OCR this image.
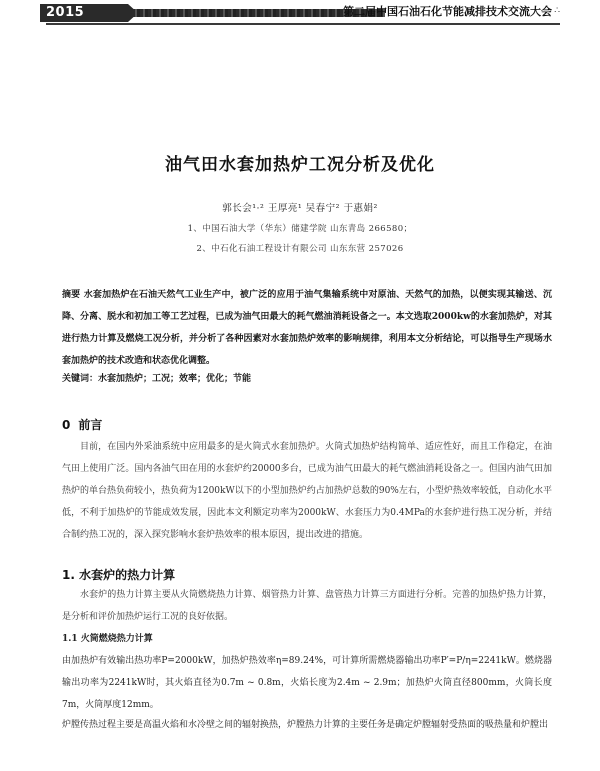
2015	第二届中国石油石化节能减排技术交流大会 ∴
油气田水套加热炉工况分析及优化
郭长会¹·² 王厚亮¹ 吴春宁² 于惠娟²
1、中国石油大学（华东）储建学院 山东青岛 266580；
2、中石化石油工程设计有限公司 山东东营 257026

摘要 水套加热炉在石油天然气工业生产中，被广泛的应用于油气集输系统中对原油、天然气的加热，以便实现其输送、沉降、分离、脱水和初加工等工艺过程，已成为油气田最大的耗气燃油消耗设备之一。本文选取2000kw的水套加热炉，对其进行热力计算及燃烧工况分析，并分析了各种因素对水套加热炉效率的影响规律，利用本文分析结论，可以指导生产现场水套加热炉的技术改造和状态优化调整。

关键词：水套加热炉；工况；效率；优化；节能

0 前言

目前，在国内外采油系统中应用最多的是火筒式水套加热炉。火筒式加热炉结构简单、适应性好，而且工作稳定，在油气田上使用广泛。国内各油气田在用的水套炉约20000多台，已成为油气田最大的耗气燃油消耗设备之一。但国内油气田加热炉的单台热负荷较小，热负荷为1200kW以下的小型加热炉约占加热炉总数的90%左右，小型炉热效率较低，自动化水平低，不利于加热炉的节能成效发展，因此本文利额定功率为2000kW、水套压力为0.4MPa的水套炉进行热工况分析，并结合制约热工况的，深入探究影响水套炉热效率的根本原因，提出改进的措施。

1. 水套炉的热力计算

水套炉的热力计算主要从火筒燃烧热力计算、烟管热力计算、盘管热力计算三方面进行分析。完善的加热炉热力计算，是分析和评价加热炉运行工况的良好依据。

1.1 火筒燃烧热力计算

由加热炉有效输出热功率P=2000kW，加热炉热效率η=89.24%，可计算所需燃烧器输出功率P′=P/η=2241kW。燃烧器输出功率为2241kW时，其火焰直径为0.7m ~ 0.8m，火焰长度为2.4m ~ 2.9m；加热炉火筒直径800mm，火筒长度7m，火筒厚度12mm。

炉膛传热过程主要是高温火焰和水冷壁之间的辐射换热，炉膛热力计算的主要任务是确定炉膛辐射受热面的吸热量和炉膛出
